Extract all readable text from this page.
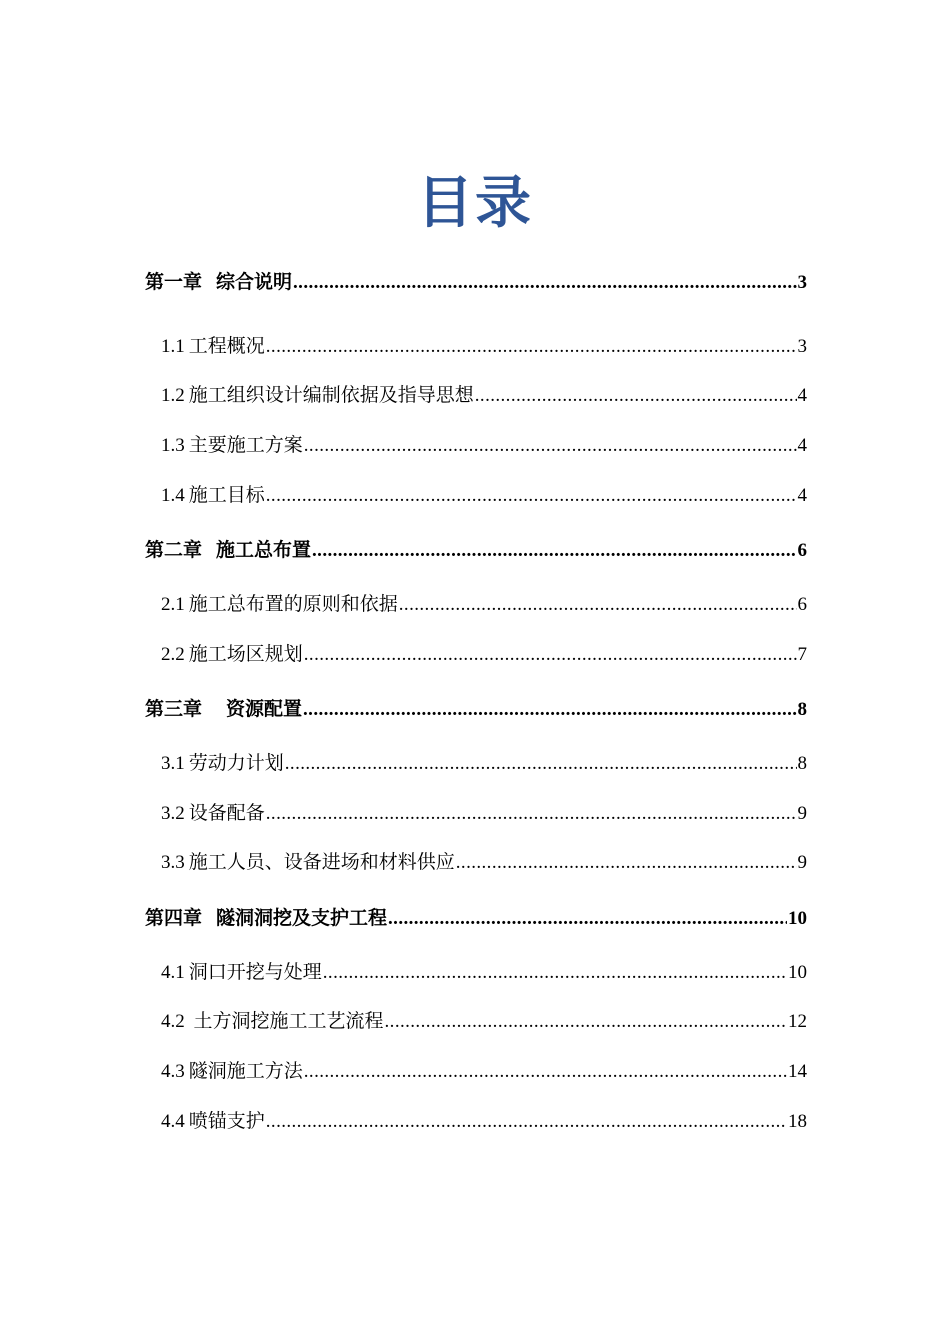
目录
第一章 综合说明 .....	3
1.1 工程概况 .....	3
1.2 施工组织设计编制依据及指导思想 .....	4
1.3 主要施工方案 .....	4
1.4 施工目标 .....	4
第二章 施工总布置 .....	6
2.1 施工总布置的原则和依据 .....	6
2.2 施工场区规划 .....	7
第三章 资源配置 .....	8
3.1 劳动力计划 .....	8
3.2 设备配备 .....	9
3.3 施工人员、设备进场和材料供应 .....	9
第四章 隧洞洞挖及支护工程 .....	10
4.1 洞口开挖与处理 .....	10
4.2 土方洞挖施工工艺流程 .....	12
4.3 隧洞施工方法 .....	14
4.4 喷锚支护 .....	18
